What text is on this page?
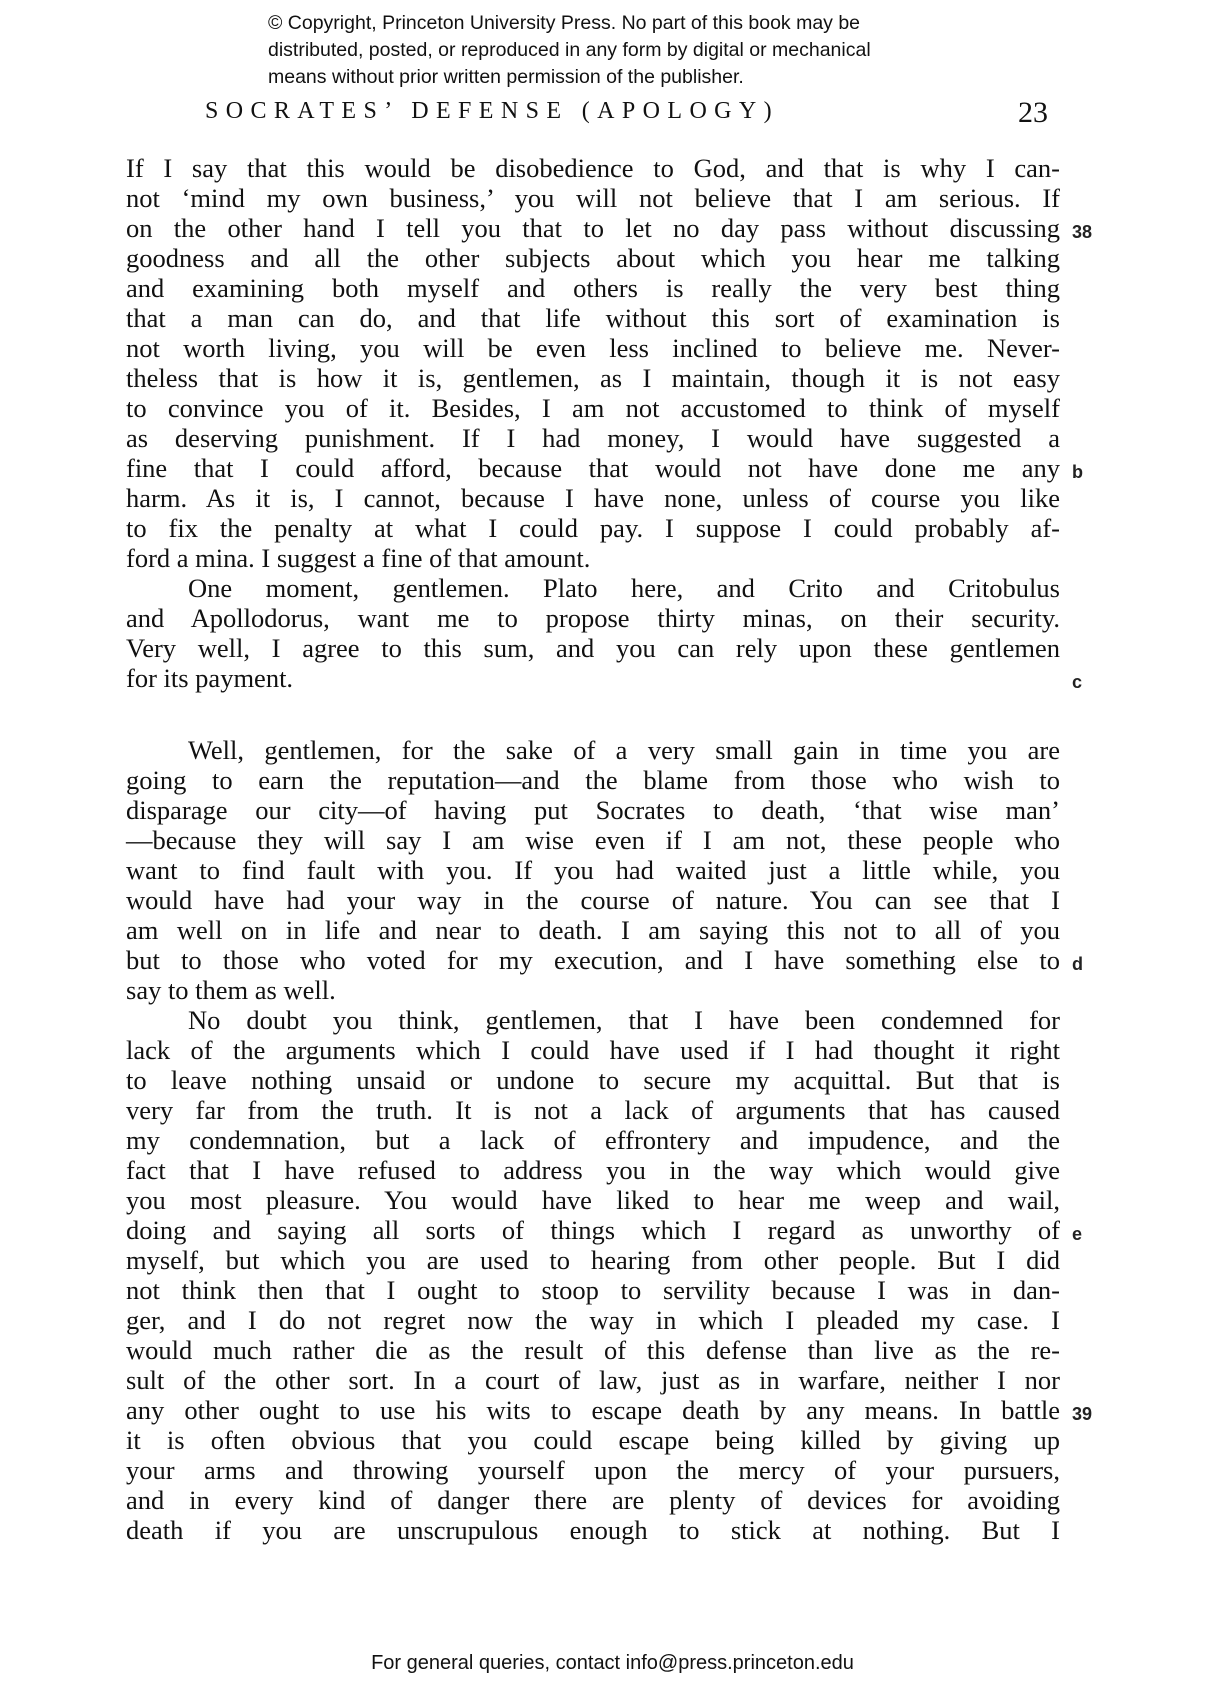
© Copyright, Princeton University Press. No part of this book may be
distributed, posted, or reproduced in any form by digital or mechanical
means without prior written permission of the publisher.
SOCRATES’ DEFENSE (APOLOGY)	23
If I say that this would be disobedience to God, and that is why I can-
not ‘mind my own business,’ you will not believe that I am serious. If
on the other hand I tell you that to let no day pass without discussing
goodness and all the other subjects about which you hear me talking
and examining both myself and others is really the very best thing
that a man can do, and that life without this sort of examination is
not worth living, you will be even less inclined to believe me. Never-
theless that is how it is, gentlemen, as I maintain, though it is not easy
to convince you of it. Besides, I am not accustomed to think of myself
as deserving punishment. If I had money, I would have suggested a
fine that I could afford, because that would not have done me any
harm. As it is, I cannot, because I have none, unless of course you like
to fix the penalty at what I could pay. I suppose I could probably af-
ford a mina. I suggest a fine of that amount.
One moment, gentlemen. Plato here, and Crito and Critobulus
and Apollodorus, want me to propose thirty minas, on their security.
Very well, I agree to this sum, and you can rely upon these gentlemen
for its payment.
Well, gentlemen, for the sake of a very small gain in time you are
going to earn the reputation—and the blame from those who wish to
disparage our city—of having put Socrates to death, ‘that wise man’
—because they will say I am wise even if I am not, these people who
want to find fault with you. If you had waited just a little while, you
would have had your way in the course of nature. You can see that I
am well on in life and near to death. I am saying this not to all of you
but to those who voted for my execution, and I have something else to
say to them as well.
No doubt you think, gentlemen, that I have been condemned for
lack of the arguments which I could have used if I had thought it right
to leave nothing unsaid or undone to secure my acquittal. But that is
very far from the truth. It is not a lack of arguments that has caused
my condemnation, but a lack of effrontery and impudence, and the
fact that I have refused to address you in the way which would give
you most pleasure. You would have liked to hear me weep and wail,
doing and saying all sorts of things which I regard as unworthy of
myself, but which you are used to hearing from other people. But I did
not think then that I ought to stoop to servility because I was in dan-
ger, and I do not regret now the way in which I pleaded my case. I
would much rather die as the result of this defense than live as the re-
sult of the other sort. In a court of law, just as in warfare, neither I nor
any other ought to use his wits to escape death by any means. In battle
it is often obvious that you could escape being killed by giving up
your arms and throwing yourself upon the mercy of your pursuers,
and in every kind of danger there are plenty of devices for avoiding
death if you are unscrupulous enough to stick at nothing. But I
38
b
c
d
e
39
For general queries, contact info@press.princeton.edu
